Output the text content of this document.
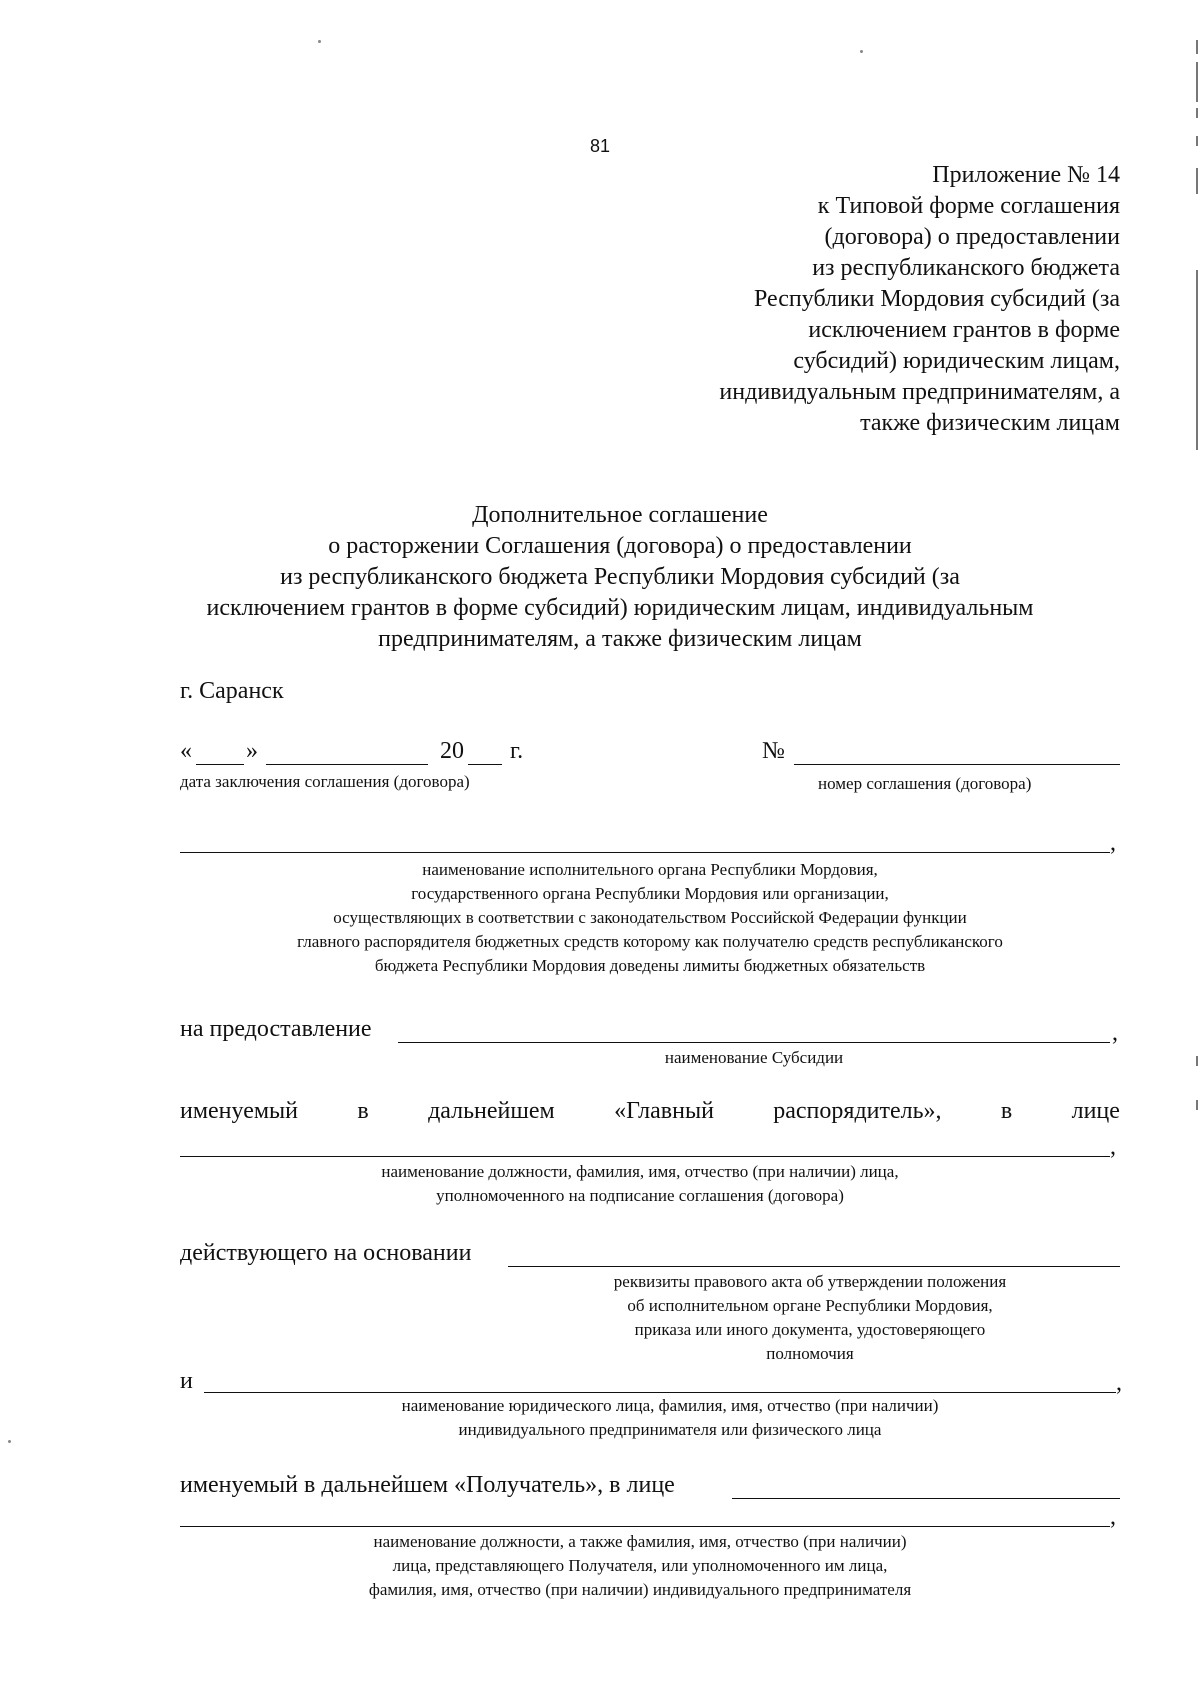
81
Приложение № 14
к Типовой форме соглашения
(договора) о предоставлении
из республиканского бюджета
Республики Мордовия субсидий (за
исключением грантов в форме
субсидий) юридическим лицам,
индивидуальным предпринимателям, а
также физическим лицам
Дополнительное соглашение
о расторжении Соглашения (договора) о предоставлении
из республиканского бюджета Республики Мордовия субсидий (за
исключением грантов в форме субсидий) юридическим лицам, индивидуальным
предпринимателям, а также физическим лицам
г. Саранск
« »	20 г.
дата заключения соглашения (договора)
№
номер соглашения (договора)
,
наименование исполнительного органа Республики Мордовия,
государственного органа Республики Мордовия или организации,
осуществляющих в соответствии с законодательством Российской Федерации функции
главного распорядителя бюджетных средств которому как получателю средств республиканского
бюджета Республики Мордовия доведены лимиты бюджетных обязательств
на предоставление	,
наименование Субсидии
именуемый в дальнейшем «Главный распорядитель», в лице
,
наименование должности, фамилия, имя, отчество (при наличии) лица,
уполномоченного на подписание соглашения (договора)
действующего на основании
реквизиты правового акта об утверждении положения
об исполнительном органе Республики Мордовия,
приказа или иного документа, удостоверяющего
полномочия
и	,
наименование юридического лица, фамилия, имя, отчество (при наличии)
индивидуального предпринимателя или физического лица
именуемый в дальнейшем «Получатель», в лице
,
наименование должности, а также фамилия, имя, отчество (при наличии)
лица, представляющего Получателя, или уполномоченного им лица,
фамилия, имя, отчество (при наличии) индивидуального предпринимателя
